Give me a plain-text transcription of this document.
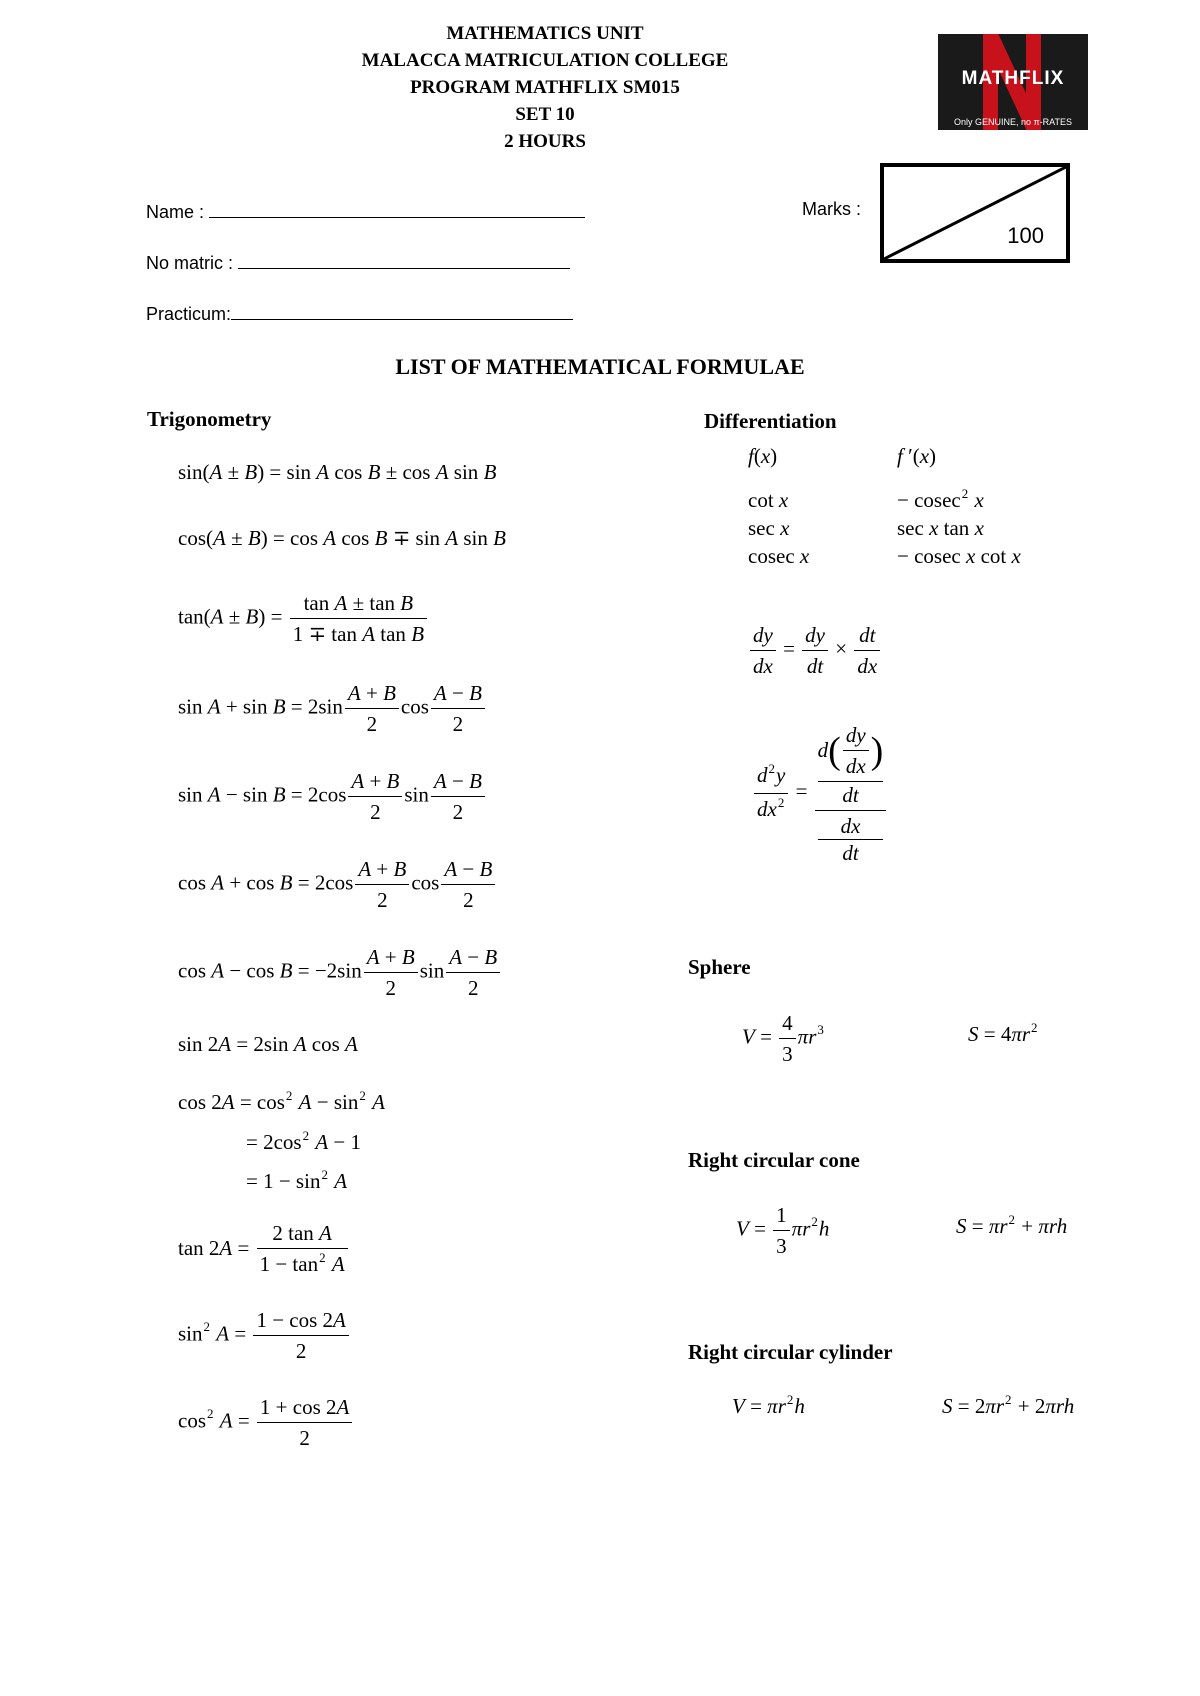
MATHEMATICS UNIT
MALACCA MATRICULATION COLLEGE
PROGRAM MATHFLIX SM015
SET 10
2 HOURS
MATHFLIX
Only GENUINE, no π-RATES
Name :
No matric :
Practicum:
Marks :
100
LIST OF MATHEMATICAL FORMULAE
Trigonometry	Differentiation
Sphere
Right circular cone
Right circular cylinder
sin(A ± B) = sin A cos B ± cos A sin B
cos(A ± B) = cos A cos B ∓ sin A sin B
$\tan(A \pm B) = \frac{\text{tan A ± tan B}}{\text{1 ∓ tan A tan B}}$
$\sin A + \sin B = 2\sin \frac{A + B}{2}$ $\cos \frac{A - B}{2}$
$\sin A - \sin B = 2\cos \frac{A + B}{2}$ $\sin \frac{A - B}{2}$
$\cos A + \cos B = 2\cos \frac{A + B}{2}$ $\cos \frac{A - B}{2}$
$\cos A - \cos B = -2\sin \frac{A + B}{2}$ $\sin \frac{A - B}{2}$
sin 2A = 2sin A cos A
$\cos 2A = \cos^2 A - \sin^2 A$
= $2\cos^2$ A − 1
= $1 - \sin^2 A$
$\tan 2A = \frac{\text{2 tan A}}{1 - \tan^2 A}$
$\sin^2 A = \frac{1 - \cos 2A}{2}$
$\cos^2 A = \frac{1 + \cos 2A}{2}$
f(x)	f ′(x)
cot x	− cosec$^2$ x
sec x	sec x tan x
cosec x	− cosec x cot x
$\frac{dy}{dx} = \frac{dy}{dt} \times \frac{dt}{dx}$
$\frac{d^2y}{dx^2} = d$ ( $\frac{dy}{dx}$ )
dt
dx
dt
$V = \frac{4}{3} \pi r^3$	$S = 4\pi r^2$
$V = \frac{1}{3} \pi r^2h$	$S = \pi r^2 + \pi rh$
$V = \pi r^2h$	$S = 2\pi r^2 + 2\pi rh$
